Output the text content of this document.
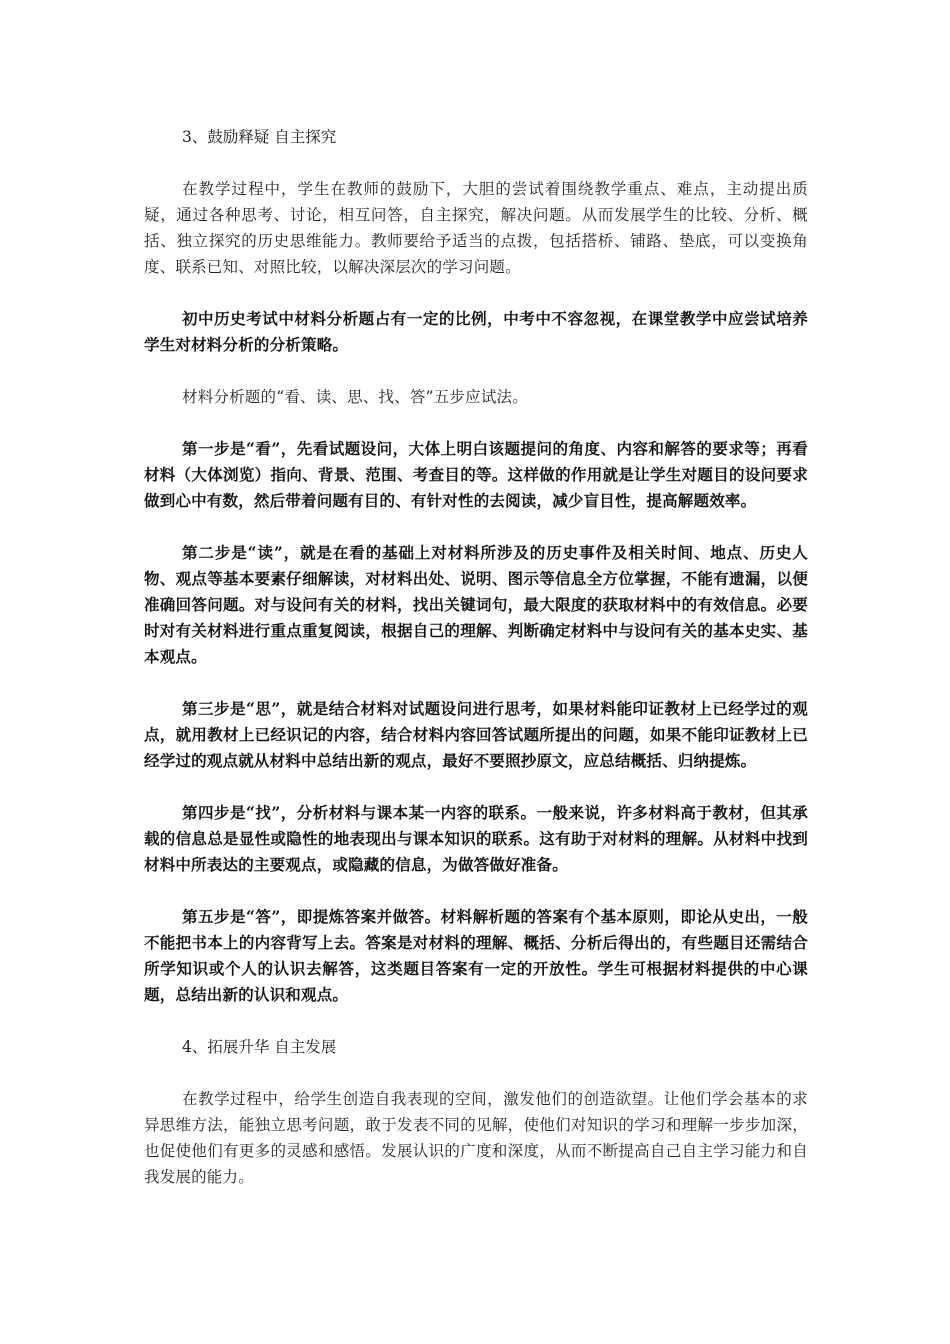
3、鼓励释疑 自主探究

在教学过程中，学生在教师的鼓励下，大胆的尝试着围绕教学重点、难点，主动提出质疑，通过各种思考、讨论，相互问答，自主探究，解决问题。从而发展学生的比较、分析、概括、独立探究的历史思维能力。教师要给予适当的点拨，包括搭桥、铺路、垫底，可以变换角度、联系已知、对照比较，以解决深层次的学习问题。

初中历史考试中材料分析题占有一定的比例，中考中不容忽视，在课堂教学中应尝试培养学生对材料分析的分析策略。

材料分析题的“看、读、思、找、答”五步应试法。

第一步是“看”，先看试题设问，大体上明白该题提问的角度、内容和解答的要求等；再看材料（大体浏览）指向、背景、范围、考查目的等。这样做的作用就是让学生对题目的设问要求做到心中有数，然后带着问题有目的、有针对性的去阅读，减少盲目性，提高解题效率。

第二步是“读”，就是在看的基础上对材料所涉及的历史事件及相关时间、地点、历史人物、观点等基本要素仔细解读，对材料出处、说明、图示等信息全方位掌握，不能有遗漏，以便准确回答问题。对与设问有关的材料，找出关键词句，最大限度的获取材料中的有效信息。必要时对有关材料进行重点重复阅读，根据自己的理解、判断确定材料中与设问有关的基本史实、基本观点。

第三步是“思”，就是结合材料对试题设问进行思考，如果材料能印证教材上已经学过的观点，就用教材上已经识记的内容，结合材料内容回答试题所提出的问题，如果不能印证教材上已经学过的观点就从材料中总结出新的观点，最好不要照抄原文，应总结概括、归纳提炼。

第四步是“找”，分析材料与课本某一内容的联系。一般来说，许多材料高于教材，但其承载的信息总是显性或隐性的地表现出与课本知识的联系。这有助于对材料的理解。从材料中找到材料中所表达的主要观点，或隐藏的信息，为做答做好准备。

第五步是“答”，即提炼答案并做答。材料解析题的答案有个基本原则，即论从史出，一般不能把书本上的内容背写上去。答案是对材料的理解、概括、分析后得出的，有些题目还需结合所学知识或个人的认识去解答，这类题目答案有一定的开放性。学生可根据材料提供的中心课题，总结出新的认识和观点。

4、拓展升华 自主发展

在教学过程中，给学生创造自我表现的空间，激发他们的创造欲望。让他们学会基本的求异思维方法，能独立思考问题，敢于发表不同的见解，使他们对知识的学习和理解一步步加深，也促使他们有更多的灵感和感悟。发展认识的广度和深度，从而不断提高自己自主学习能力和自我发展的能力。
